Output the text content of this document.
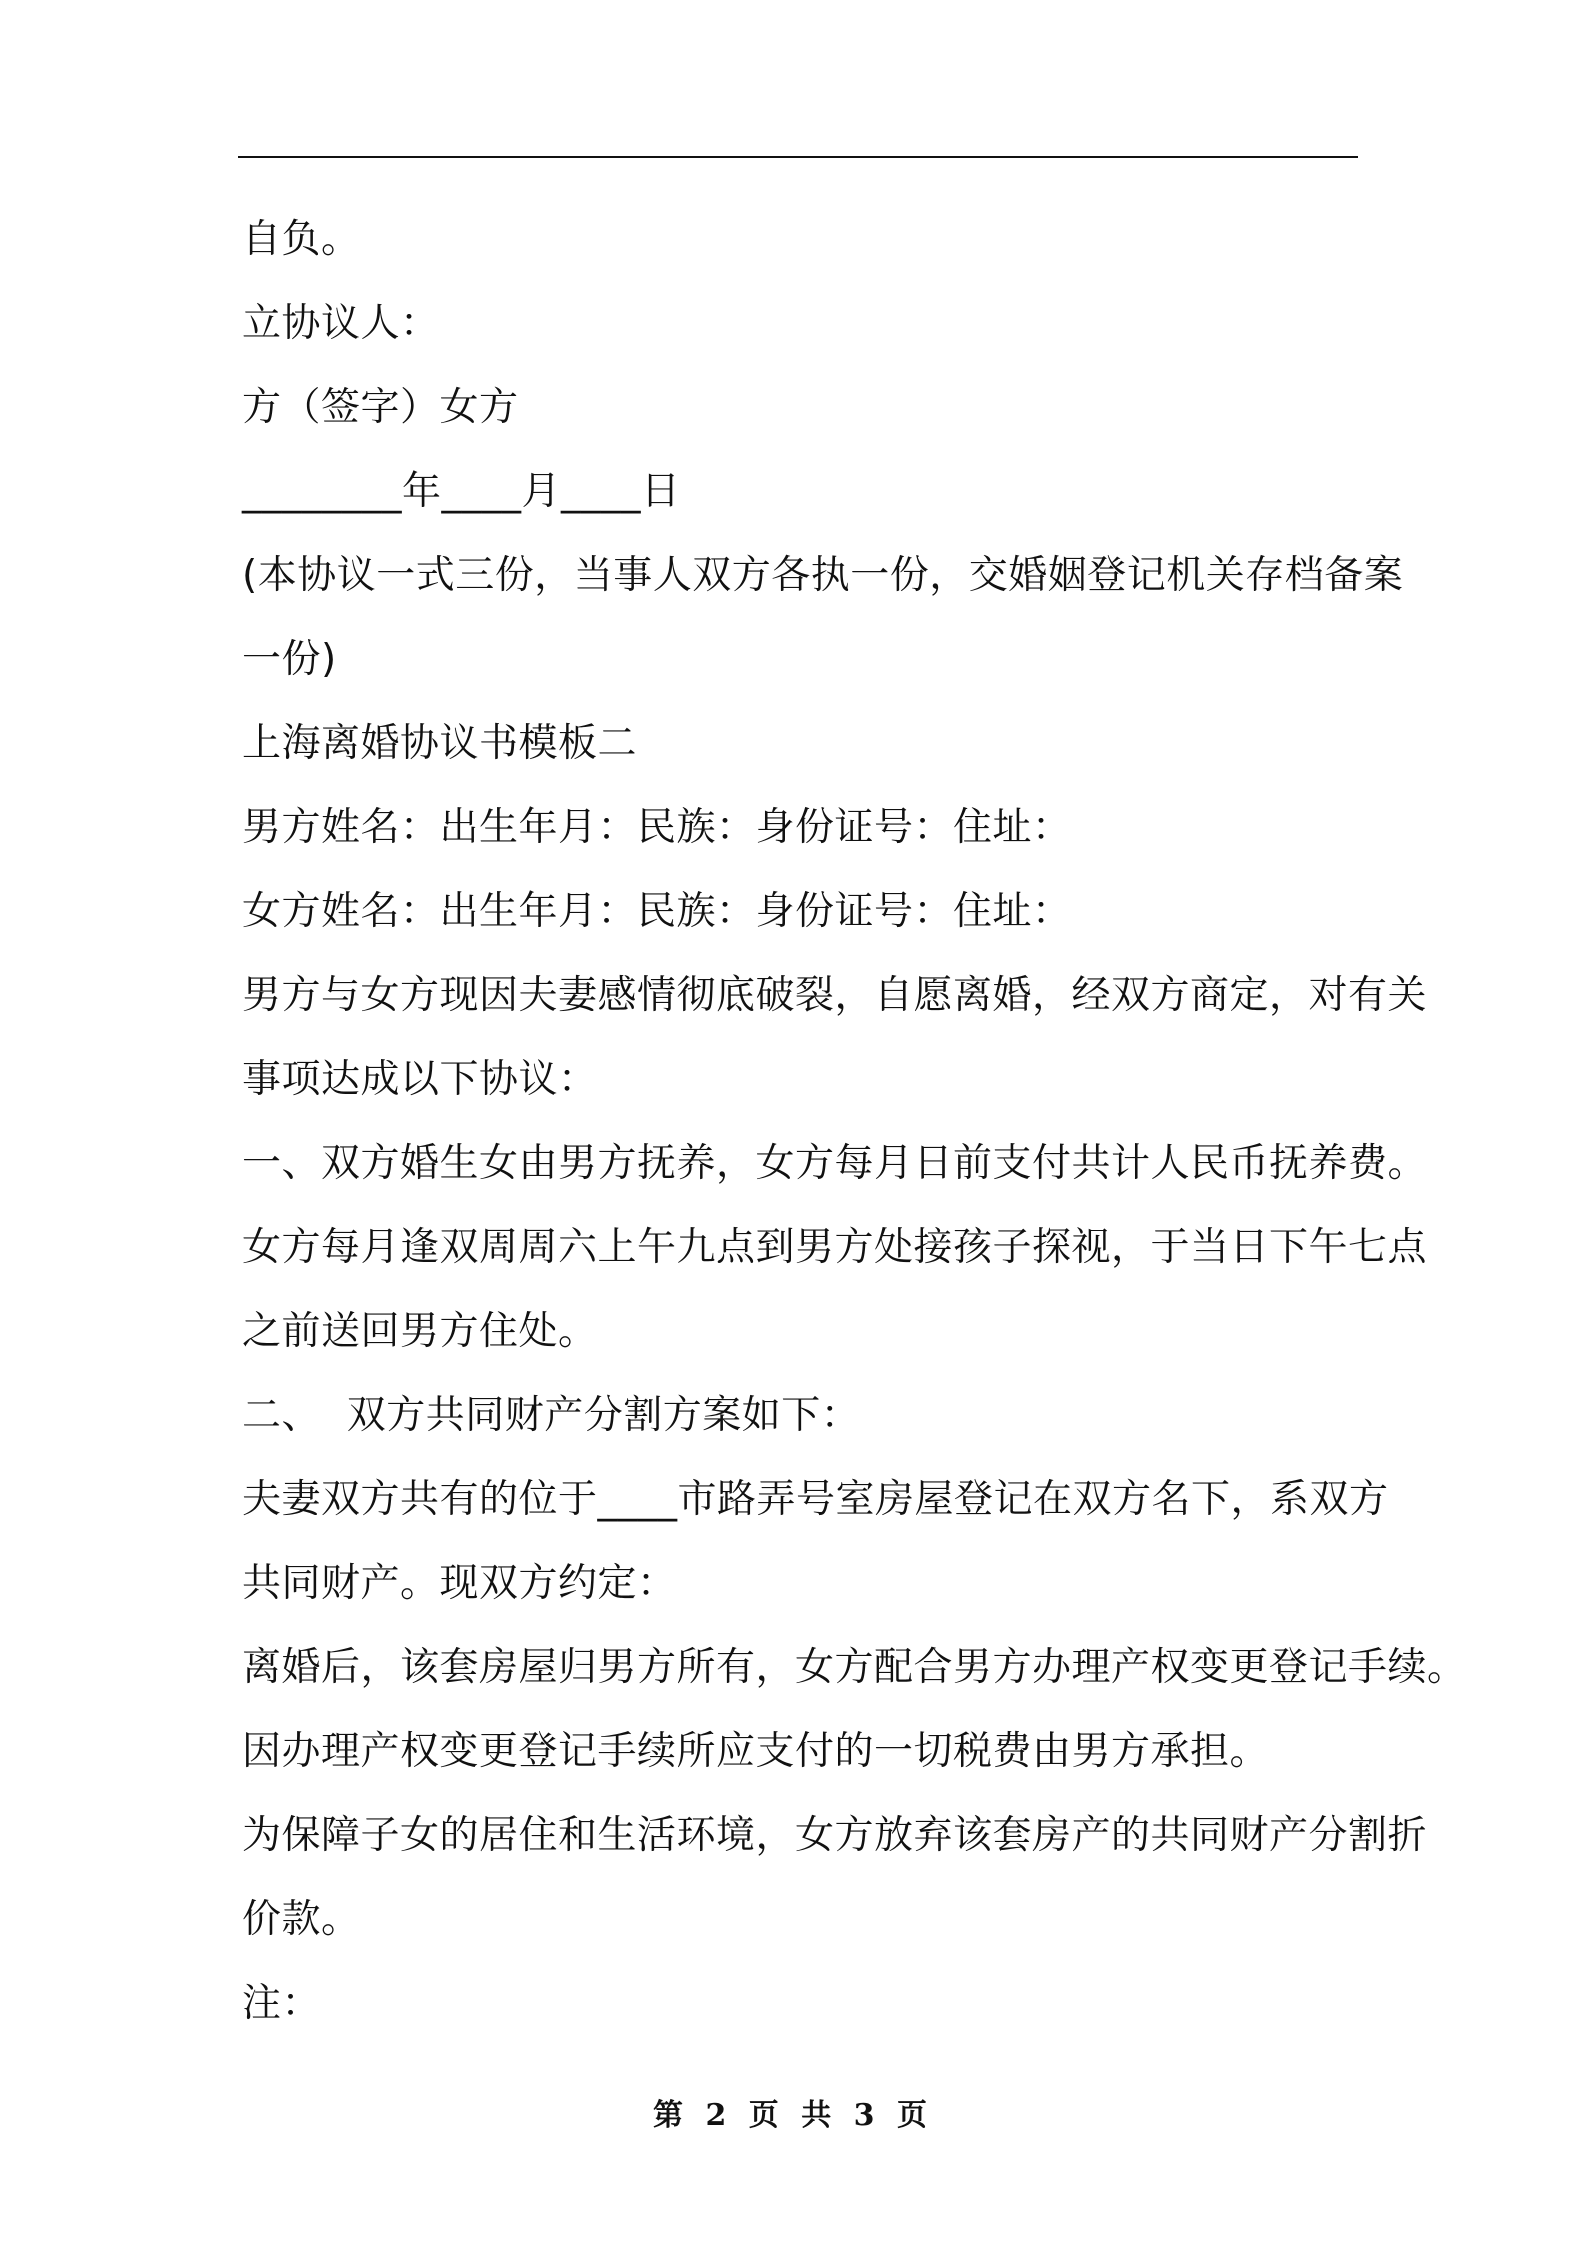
自负。
立协议人：
方（签字）女方
________年____月____日
(本协议一式三份，当事人双方各执一份，交婚姻登记机关存档备案
一份)
上海离婚协议书模板二
男方姓名：出生年月：民族：身份证号：住址：
女方姓名：出生年月：民族：身份证号：住址：
男方与女方现因夫妻感情彻底破裂，自愿离婚，经双方商定，对有关
事项达成以下协议：
一、双方婚生女由男方抚养，女方每月日前支付共计人民币抚养费。
女方每月逢双周周六上午九点到男方处接孩子探视，于当日下午七点
之前送回男方住处。
二、  双方共同财产分割方案如下：
夫妻双方共有的位于____市路弄号室房屋登记在双方名下，系双方
共同财产。现双方约定：
离婚后，该套房屋归男方所有，女方配合男方办理产权变更登记手续。
因办理产权变更登记手续所应支付的一切税费由男方承担。
为保障子女的居住和生活环境，女方放弃该套房产的共同财产分割折
价款。
注：
第 2 页 共 3 页
